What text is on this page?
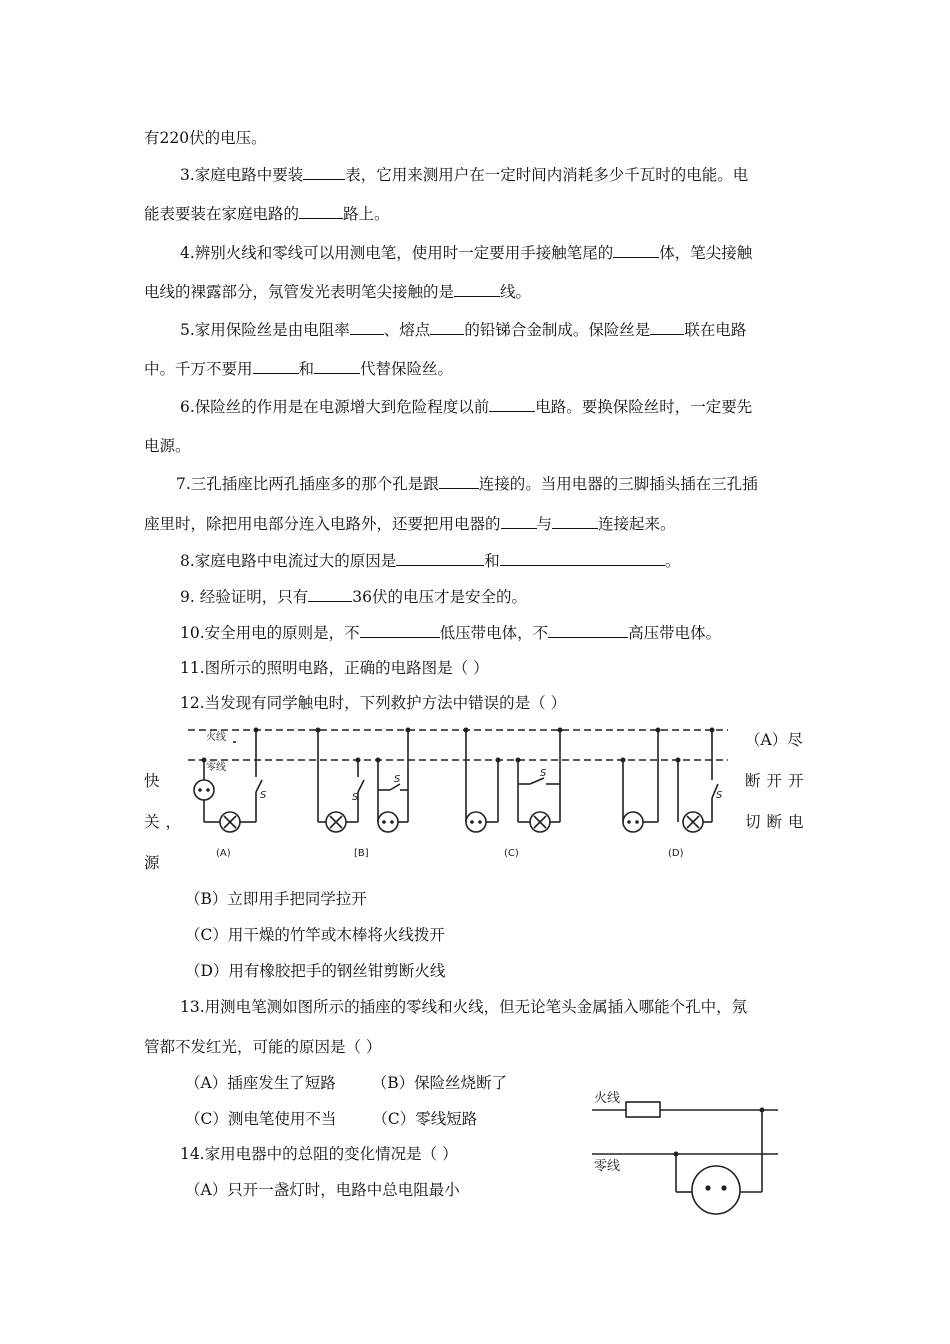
有220伏的电压。
3.家庭电路中要装	表，它用来测用户在一定时间内消耗多少千瓦时的电能。电
能表要装在家庭电路的	路上。
4.辨别火线和零线可以用测电笔，使用时一定要用手接触笔尾的	体，笔尖接触
电线的裸露部分，氖管发光表明笔尖接触的是	线。
5.家用保险丝是由电阻率 、熔点 的铅锑合金制成。保险丝是 联在电路
中。千万不要用	和	代替保险丝。
6.保险丝的作用是在电源增大到危险程度以前	电路。要换保险丝时，一定要先
电源。
7.三孔插座比两孔插座多的那个孔是跟	连接的。当用电器的三脚插头插在三孔插
座里时，除把用电部分连入电路外，还要把用电器的 与	连接起来。
8.家庭电路中电流过大的原因是	和	。
9. 经验证明，只有	36伏的电压才是安全的。
10.安全用电的原则是，不	低压带电体，不	高压带电体。
11.图所示的照明电路，正确的电路图是（ ）
12.当发现有同学触电时，下列救护方法中错误的是（ ）
（A）尽
快	断开开
关，	切断电
源
火线
零线
S	S
S
S
S
(A)	[B]	(C)	(D)
（B）立即用手把同学拉开
（C）用干燥的竹竿或木棒将火线拨开
（D）用有橡胶把手的钢丝钳剪断火线
13.用测电笔测如图所示的插座的零线和火线，但无论笔头金属插入哪能个孔中，氖
管都不发红光，可能的原因是（ ）
（A）插座发生了短路 （B）保险丝烧断了
（C）测电笔使用不当 （C）零线短路
14.家用电器中的总阻的变化情况是（ ）
（A）只开一盏灯时，电路中总电阻最小
火线
零线
